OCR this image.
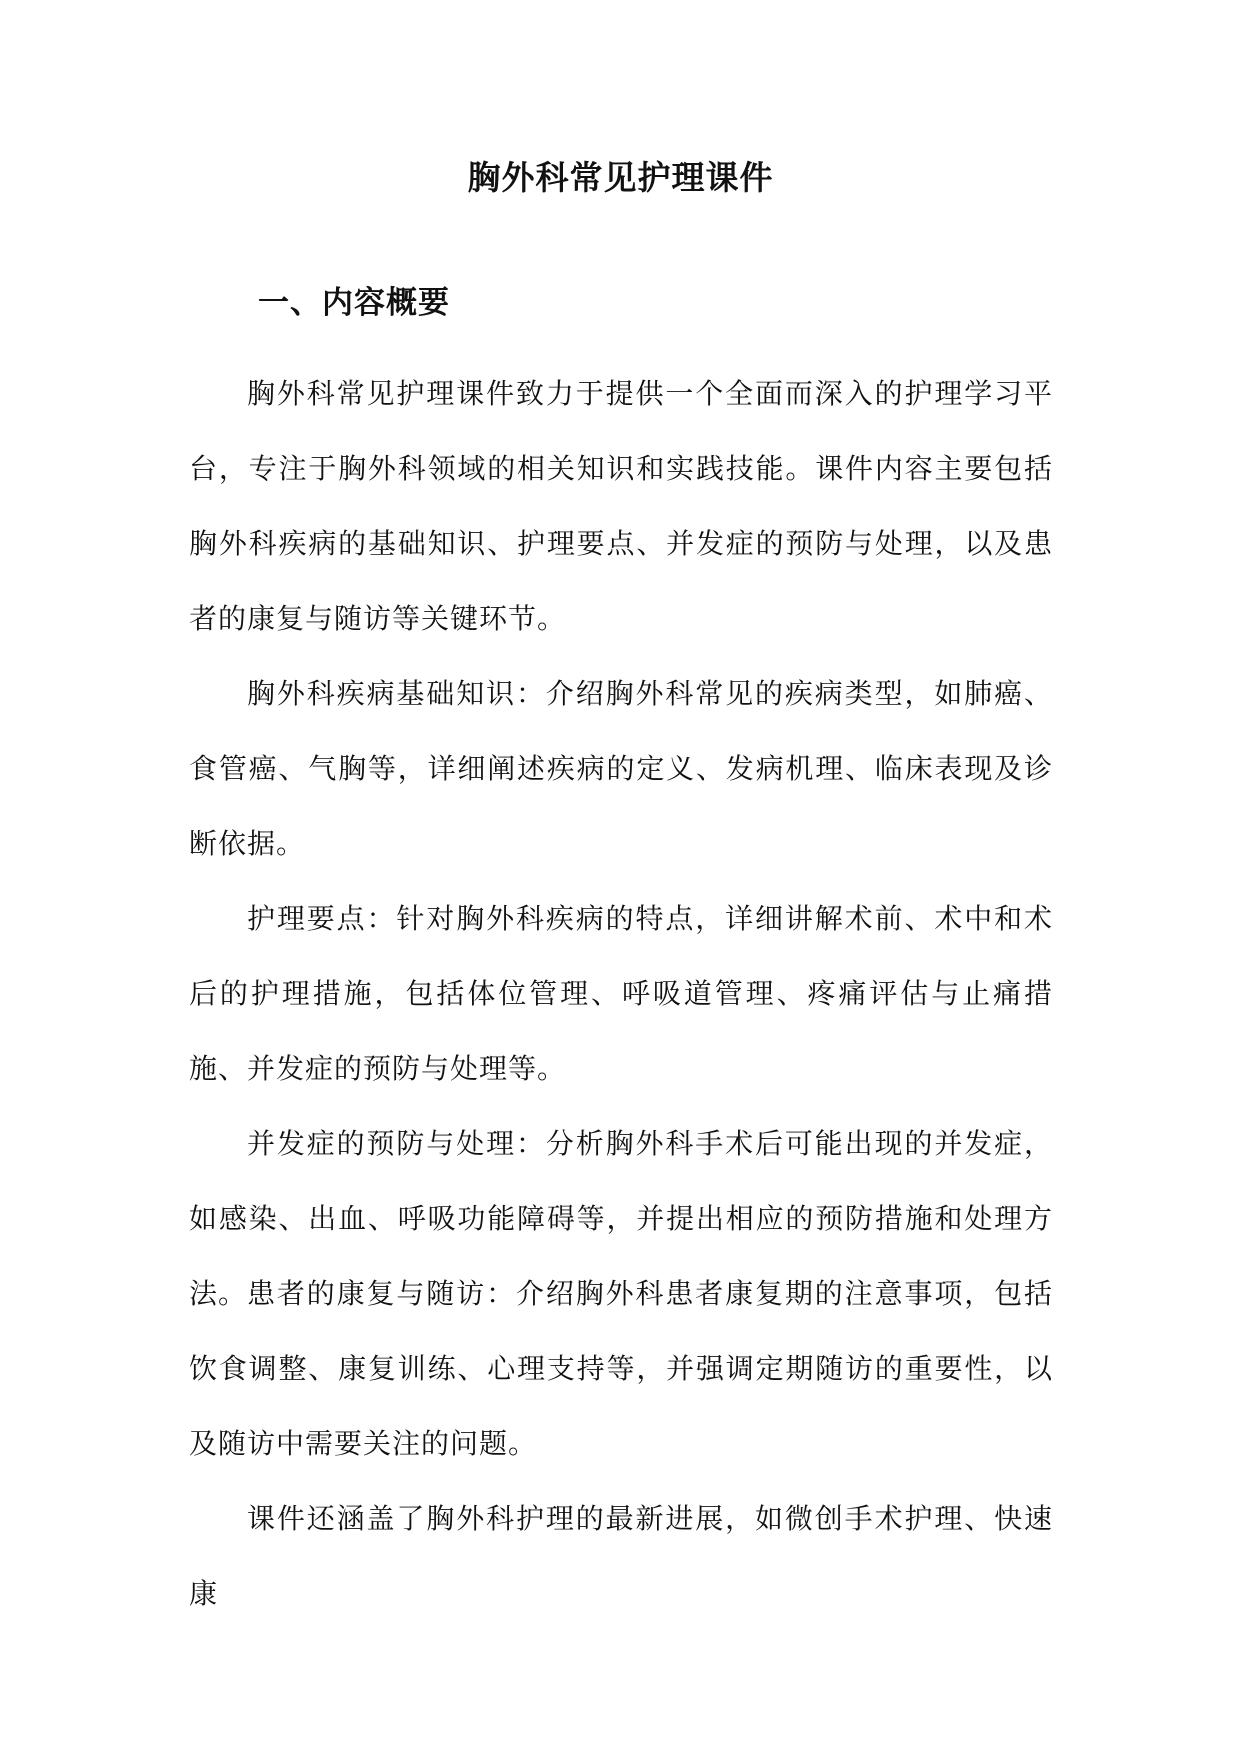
胸外科常见护理课件
一、内容概要

胸外科常见护理课件致力于提供一个全面而深入的护理学习平台，专注于胸外科领域的相关知识和实践技能。课件内容主要包括胸外科疾病的基础知识、护理要点、并发症的预防与处理，以及患者的康复与随访等关键环节。

胸外科疾病基础知识：介绍胸外科常见的疾病类型，如肺癌、食管癌、气胸等，详细阐述疾病的定义、发病机理、临床表现及诊断依据。

护理要点：针对胸外科疾病的特点，详细讲解术前、术中和术后的护理措施，包括体位管理、呼吸道管理、疼痛评估与止痛措施、并发症的预防与处理等。

并发症的预防与处理：分析胸外科手术后可能出现的并发症，如感染、出血、呼吸功能障碍等，并提出相应的预防措施和处理方法。 患者的康复与随访：介绍胸外科患者康复期的注意事项，包括饮食调整、康复训练、心理支持等，并强调定期随访的重要性，以及随访中需要关注的问题。

课件还涵盖了胸外科护理的最新进展，如微创手术护理、快速康
